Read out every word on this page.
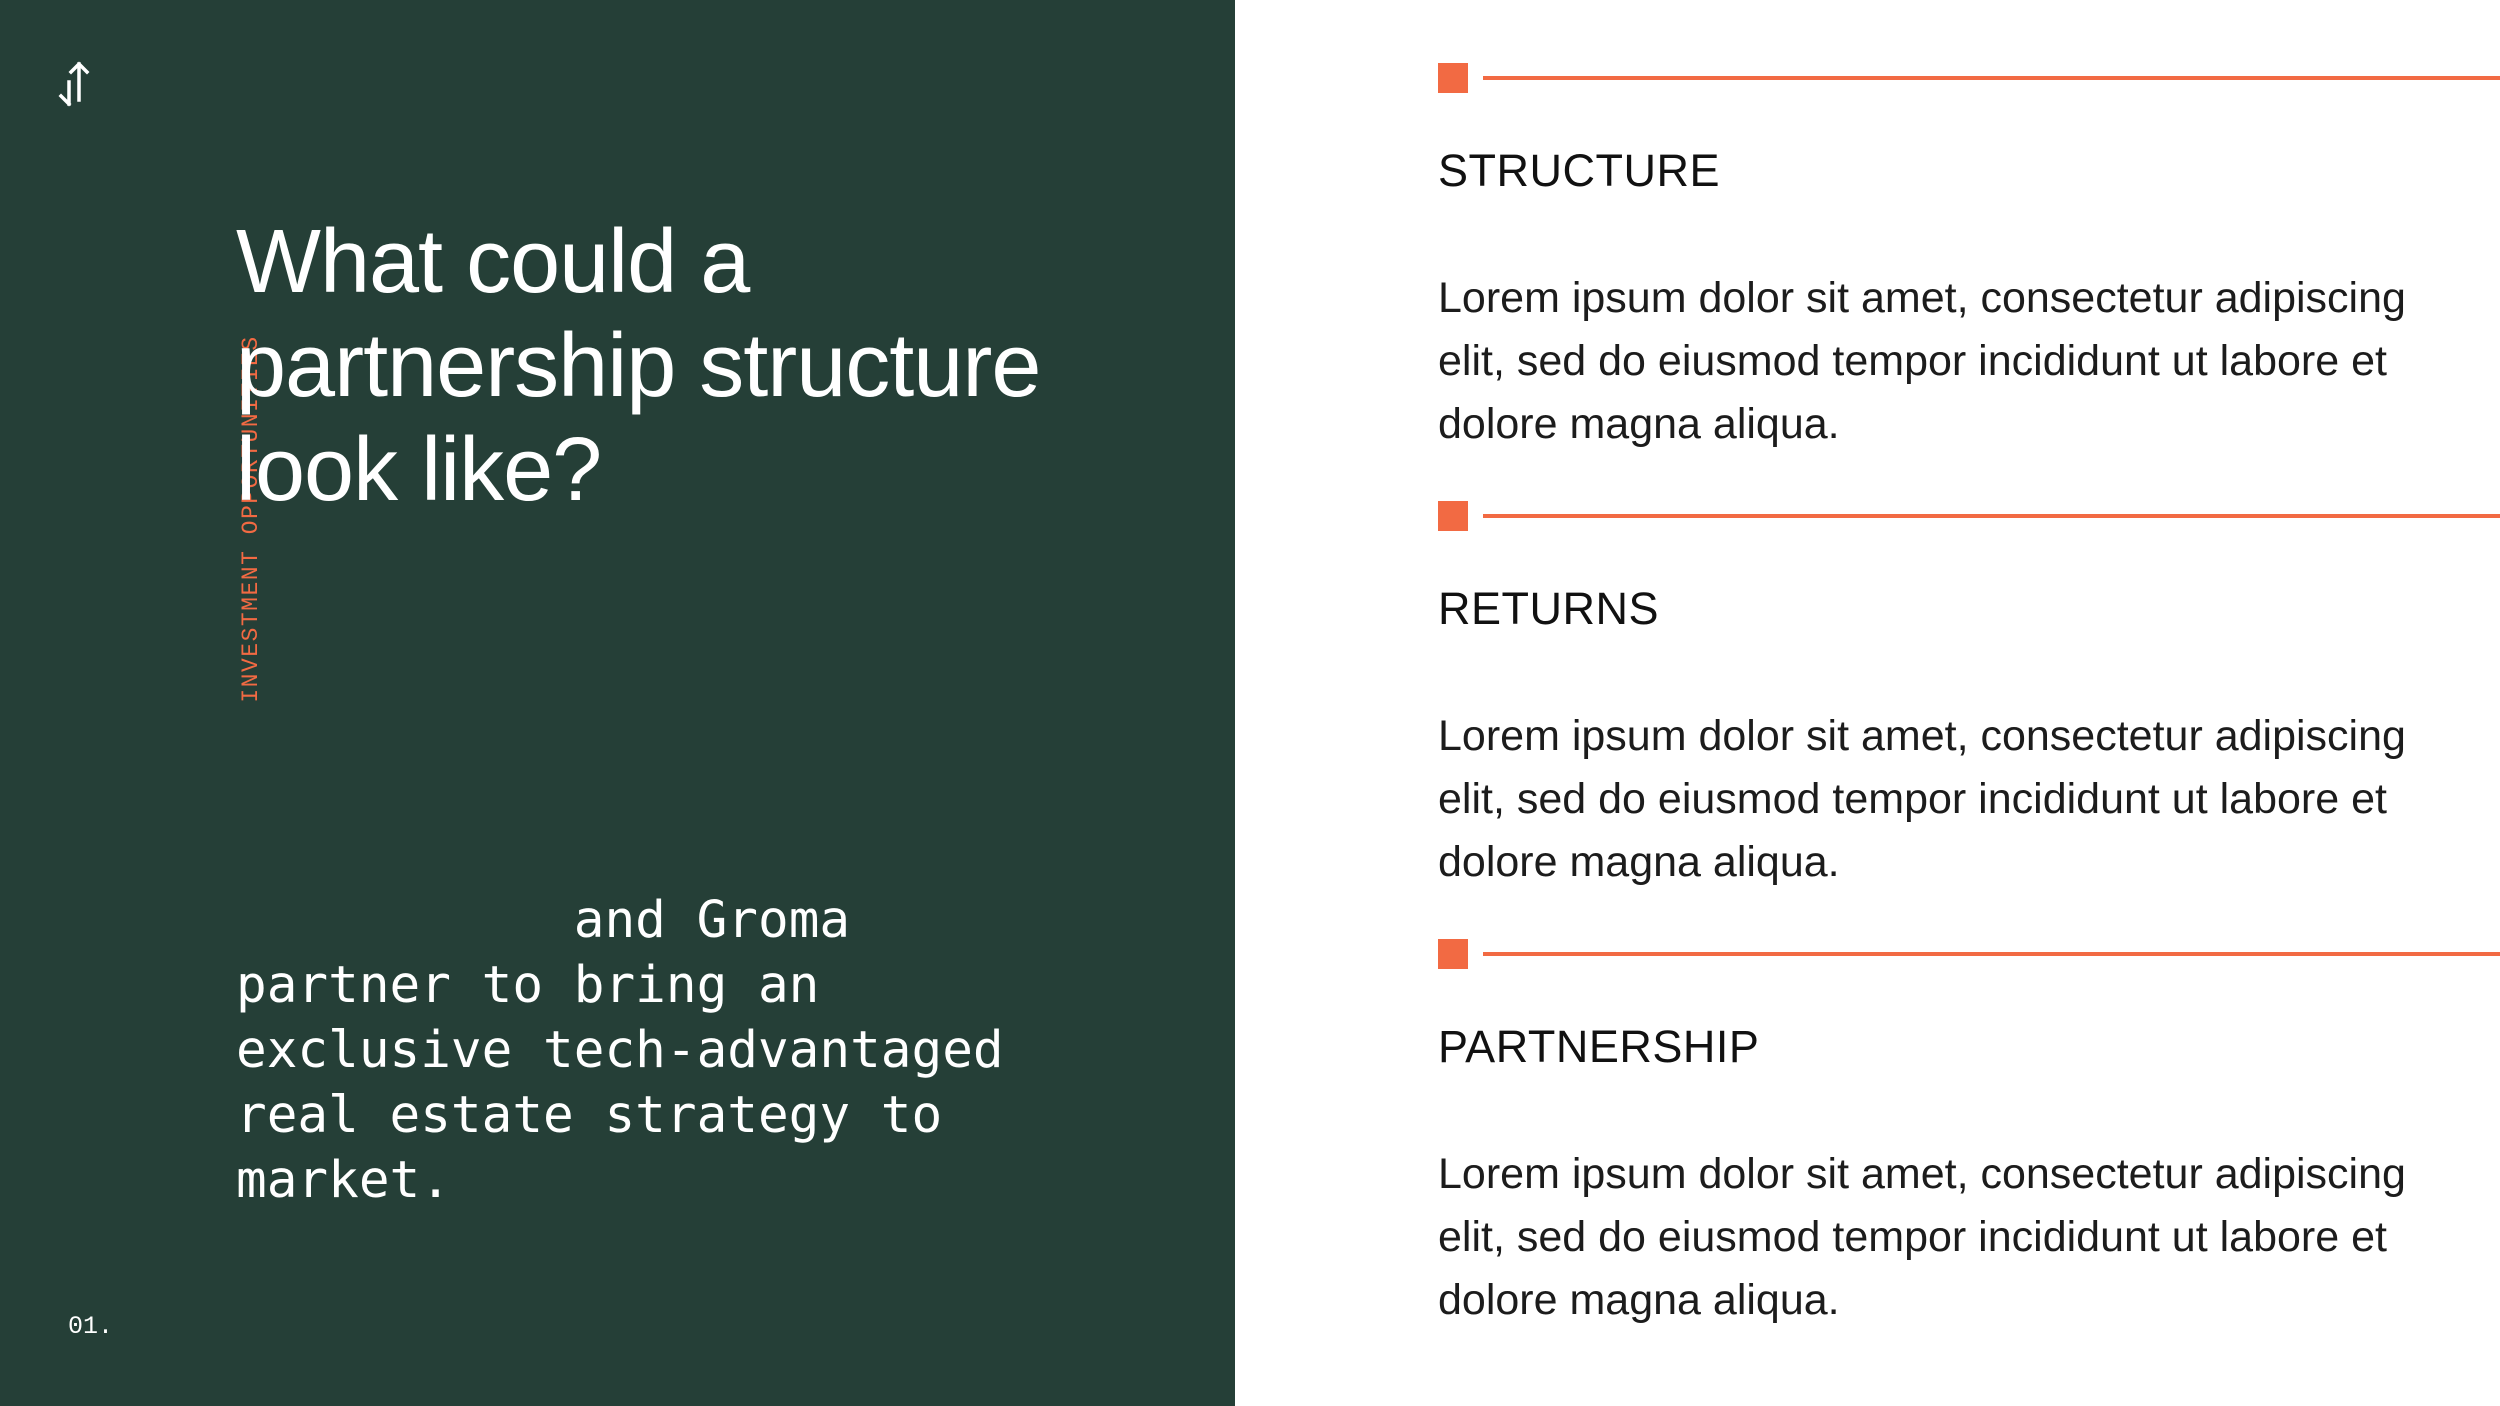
INVESTMENT OPPORTUNITIES
What could a partnership structure look like?

and Groma
partner to bring an
exclusive tech-advantaged
real estate strategy to
market.

01.
STRUCTURE

Lorem ipsum dolor sit amet, consectetur adipiscing elit, sed do eiusmod tempor incididunt ut labore et dolore magna aliqua.

RETURNS

Lorem ipsum dolor sit amet, consectetur adipiscing elit, sed do eiusmod tempor incididunt ut labore et dolore magna aliqua.

PARTNERSHIP

Lorem ipsum dolor sit amet, consectetur adipiscing elit, sed do eiusmod tempor incididunt ut labore et dolore magna aliqua.
